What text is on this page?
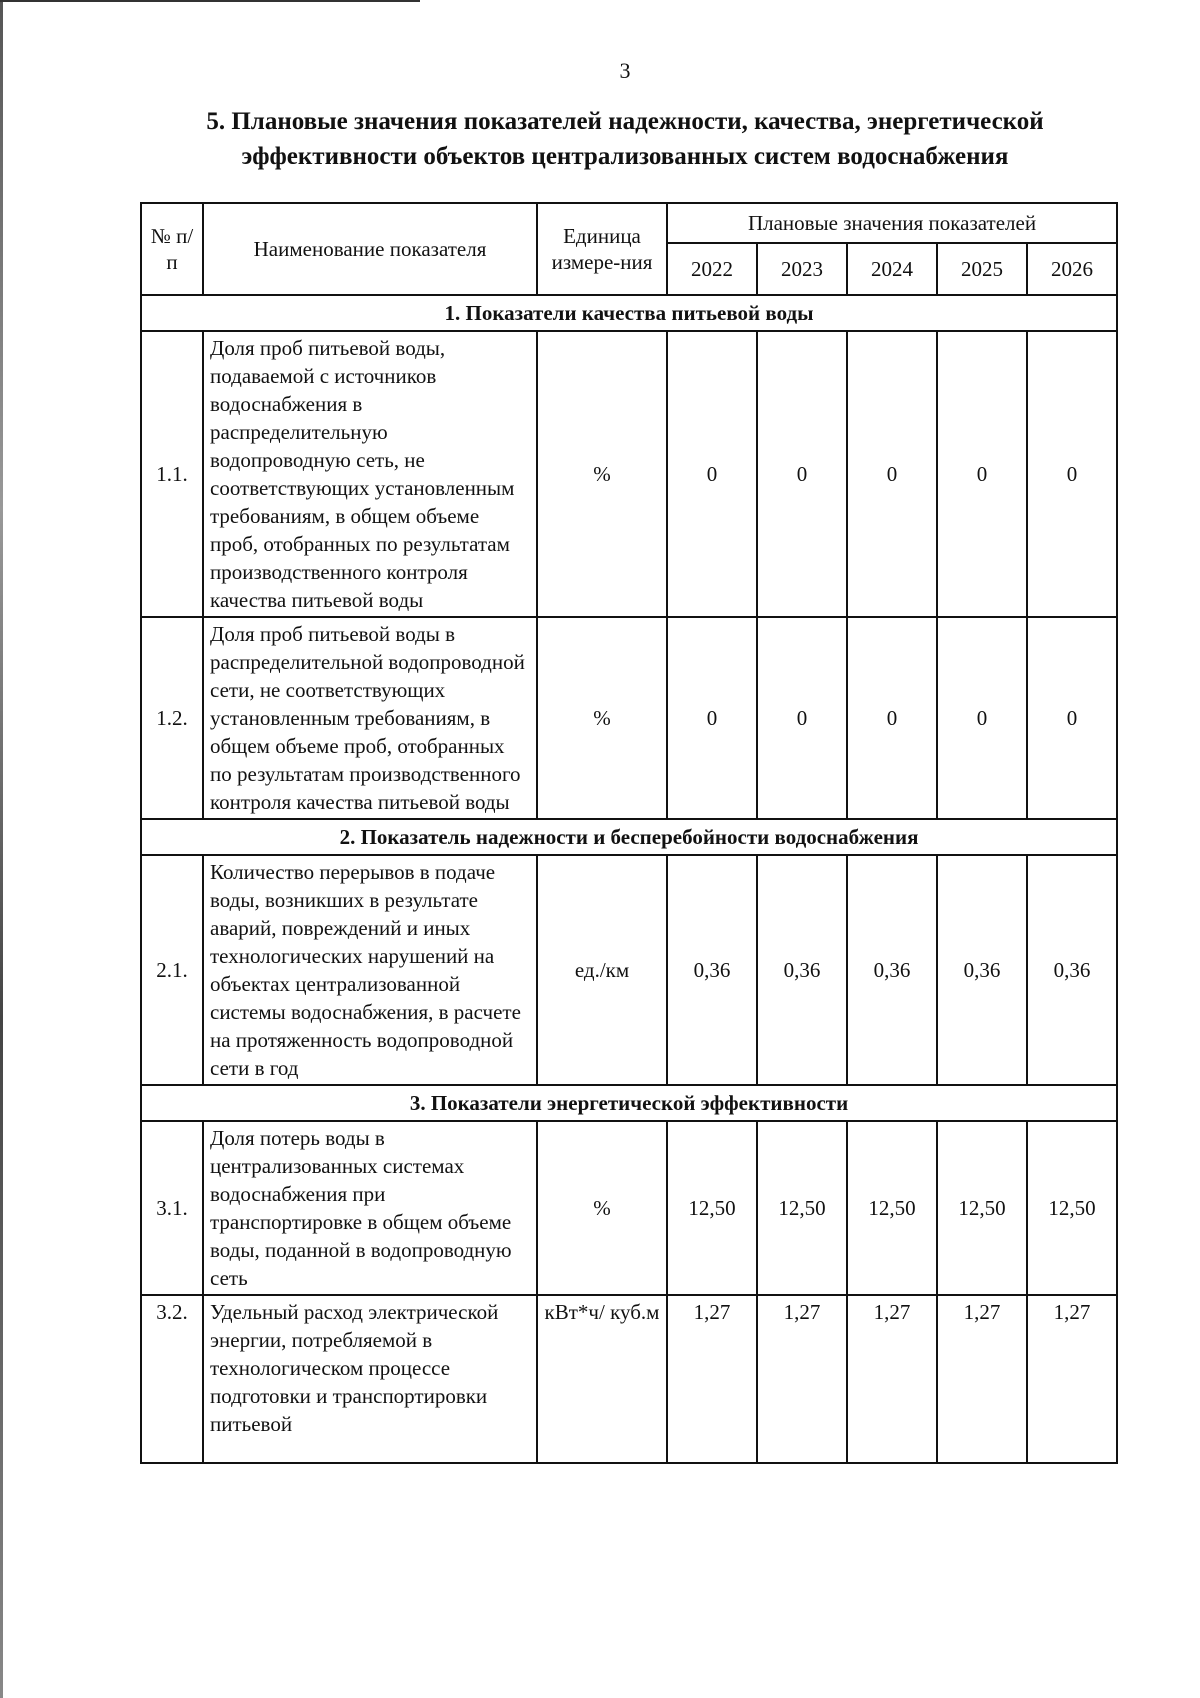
3
5. Плановые значения показателей надежности, качества, энергетической эффективности объектов централизованных систем водоснабжения
№ п/п	Наименование показателя	Единица измере-ния	Плановые значения показателей				
			2022	2023	2024	2025	2026
1. Показатели качества питьевой воды							
1.1.	Доля проб питьевой воды, подаваемой с источников водоснабжения в распределительную водопроводную сеть, не соответствующих установленным требованиям, в общем объеме проб, отобранных по результатам производственного контроля качества питьевой воды	%	0	0	0	0	0
1.2.	Доля проб питьевой воды в распределительной водопроводной сети, не соответствующих установленным требованиям, в общем объеме проб, отобранных по результатам производственного контроля качества питьевой воды	%	0	0	0	0	0
2. Показатель надежности и бесперебойности водоснабжения							
2.1.	Количество перерывов в подаче воды, возникших в результате аварий, повреждений и иных технологических нарушений на объектах централизованной системы водоснабжения, в расчете на протяженность водопроводной сети в год	ед./км	0,36	0,36	0,36	0,36	0,36
3. Показатели энергетической эффективности							
3.1.	Доля потерь воды в централизованных системах водоснабжения при транспортировке в общем объеме воды, поданной в водопроводную сеть	%	12,50	12,50	12,50	12,50	12,50
3.2.	Удельный расход электрической энергии, потребляемой в технологическом процессе подготовки и транспортировки питьевой	кВт*ч/ куб.м	1,27	1,27	1,27	1,27	1,27
